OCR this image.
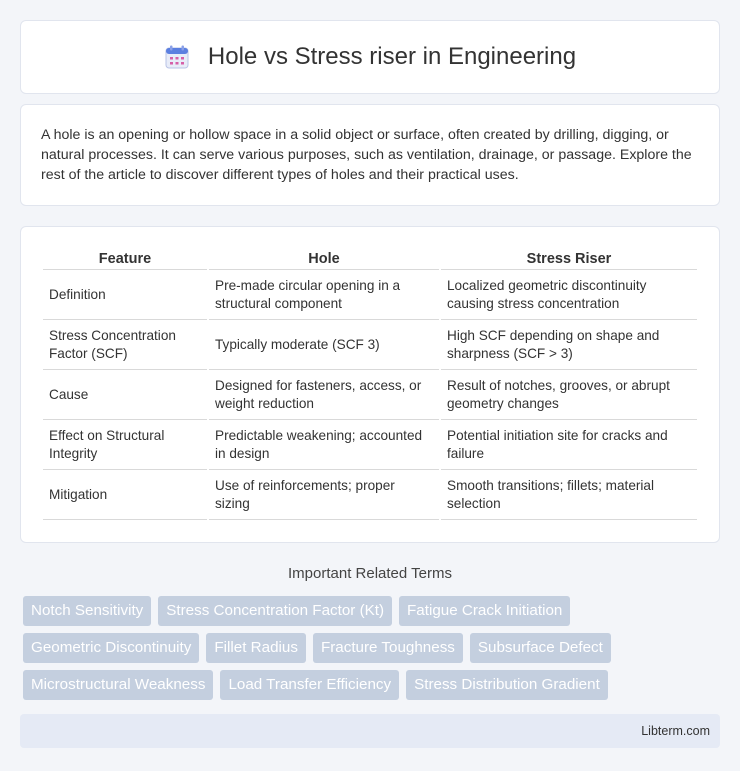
Hole vs Stress riser in Engineering

A hole is an opening or hollow space in a solid object or surface, often created by drilling, digging, or natural processes. It can serve various purposes, such as ventilation, drainage, or passage. Explore the rest of the article to discover different types of holes and their practical uses.

Feature	Hole	Stress Riser
Definition	Pre-made circular opening in a structural component	Localized geometric discontinuity causing stress concentration
Stress Concentration Factor (SCF)	Typically moderate (SCF 3)	High SCF depending on shape and sharpness (SCF > 3)
Cause	Designed for fasteners, access, or weight reduction	Result of notches, grooves, or abrupt geometry changes
Effect on Structural Integrity	Predictable weakening; accounted in design	Potential initiation site for cracks and failure
Mitigation	Use of reinforcements; proper sizing	Smooth transitions; fillets; material selection
Important Related Terms
Notch Sensitivity	Stress Concentration Factor (Kt)	Fatigue Crack Initiation
Geometric Discontinuity	Fillet Radius	Fracture Toughness	Subsurface Defect
Microstructural Weakness	Load Transfer Efficiency	Stress Distribution Gradient
Libterm.com
